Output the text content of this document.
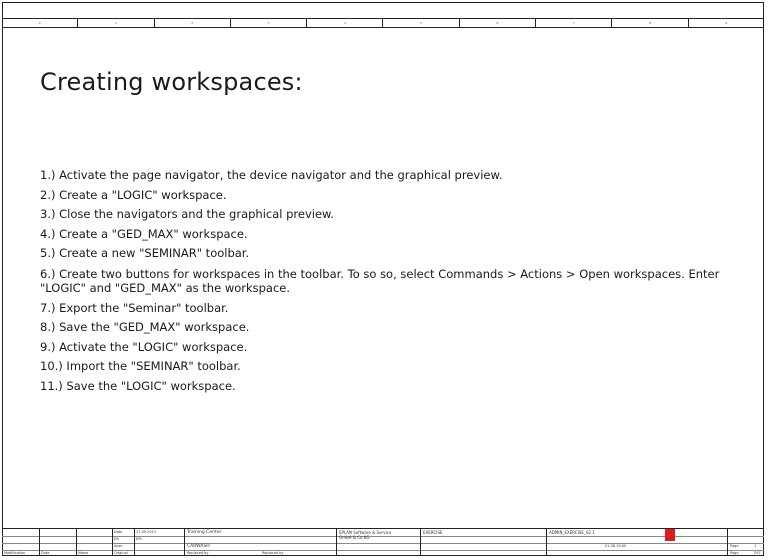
0	1	2	3	4	5	6	7	8	9
Creating workspaces:
1.) Activate the page navigator, the device navigator and the graphical preview.
2.) Create a "LOGIC" workspace.
3.) Close the navigators and the graphical preview.
4.) Create a "GED_MAX" workspace.
5.) Create a new "SEMINAR" toolbar.
6.) Create two buttons for workspaces in the toolbar. To so so, select Commands > Actions > Open workspaces. Enter "LOGIC" and "GED_MAX" as the workspace.
7.) Export the "Seminar" toolbar.
8.) Save the "GED_MAX" workspace.
9.) Activate the "LOGIC" workspace.
10.) Import the "SEMINAR" toolbar.
11.) Save the "LOGIC" workspace.
Modification	Date	Name
Date	27.09.2013
Ed.	EPL
Appr
Original
Training Center
CARWASH
Replaced by	Replaced by
EPLAN Software & Service
GmbH & Co KG
EXERCISE	ADMIN_EXERCISE_02.1
01.08.19:00	Page	1
Page	297
